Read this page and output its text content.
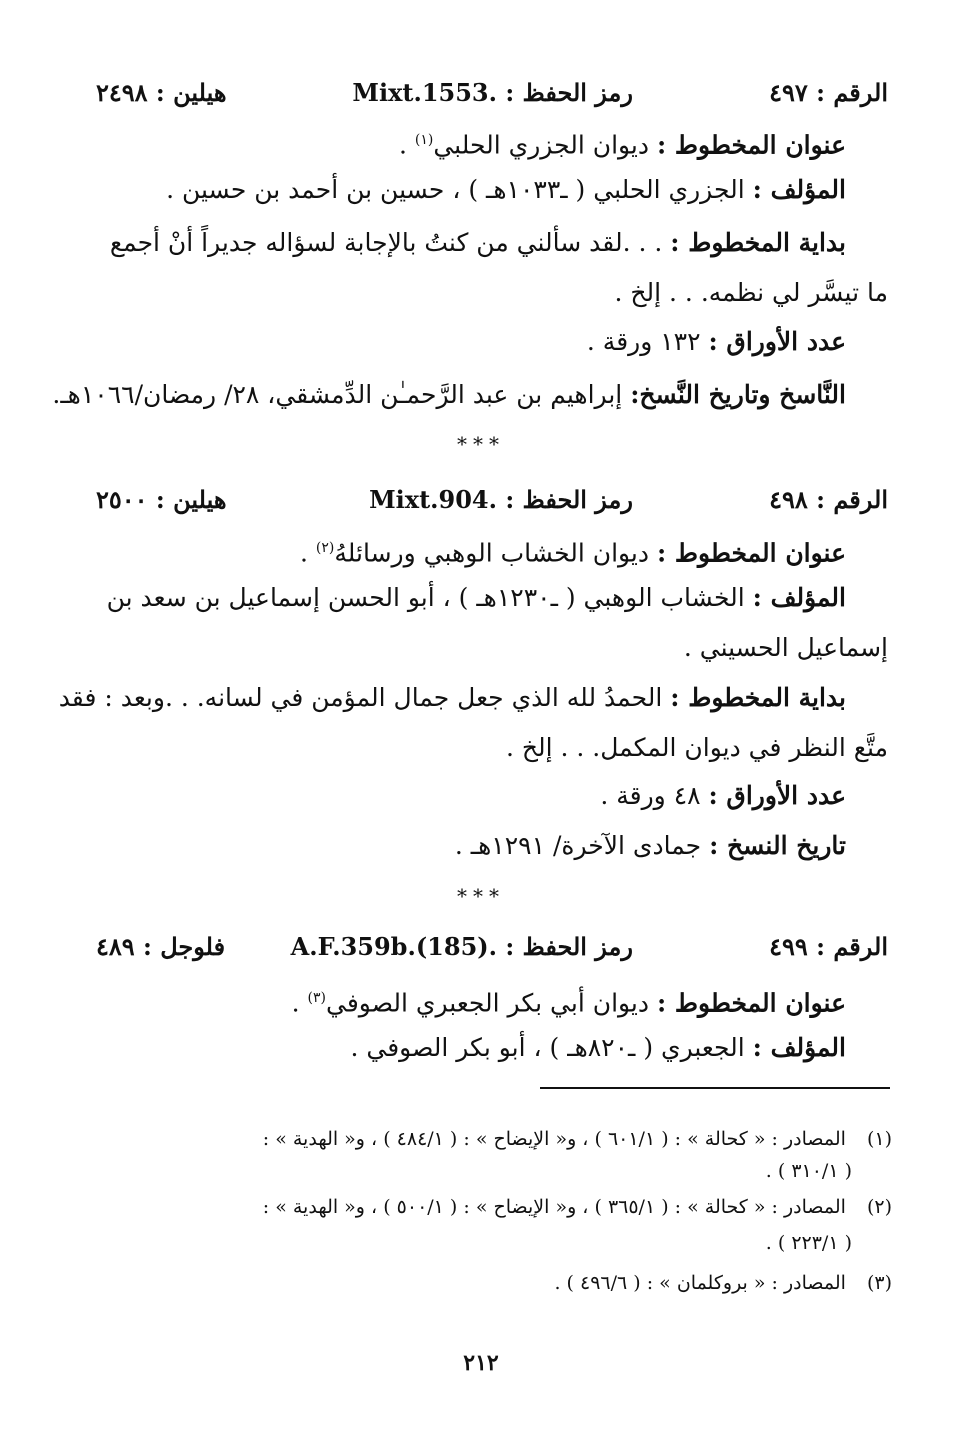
الرقم : ٤٩٧
رمز الحفظ : .Mixt.1553
هيلين : ٢٤٩٨
عنوان المخطوط : ديوان الجزري الحلبي$^{(١)}$ .
المؤلف : الجزري الحلبي ( ـ١٠٣٣هـ ) ، حسين بن أحمد بن حسين .
بداية المخطوط : . . .لقد سألني من كنتُ بالإجابة لسؤاله جديراً أنْ أجمع
ما تيسَّر لي نظمه. . . إلخ .
عدد الأوراق : ١٣٢ ورقة .
النَّاسخ وتاريخ النَّسخ: إبراهيم بن عبد الرَّحمـٰن الدِّمشقي، ٢٨/ رمضان/١٠٦٦هـ.
***
الرقم : ٤٩٨
رمز الحفظ : .Mixt.904
هيلين : ٢٥٠٠
عنوان المخطوط : ديوان الخشاب الوهبي ورسائلهُ$^{(٢)}$ .
المؤلف : الخشاب الوهبي ( ـ١٢٣٠هـ ) ، أبو الحسن إسماعيل بن سعد بن
إسماعيل الحسيني .
بداية المخطوط : الحمدُ لله الذي جعل جمال المؤمن في لسانه. . .وبعد : فقد
متَّع النظر في ديوان المكمل. . . إلخ .
عدد الأوراق : ٤٨ ورقة .
تاريخ النسخ : جمادى الآخرة/ ١٢٩١هـ .
***
الرقم : ٤٩٩
رمز الحفظ : .A.F.359b.(185)
فلوجل : ٤٨٩
عنوان المخطوط : ديوان أبي بكر الجعبري الصوفي$^{(٣)}$ .
المؤلف : الجعبري ( ـ٨٢٠هـ ) ، أبو بكر الصوفي .
(١) المصادر : « كحالة » : ( ٦٠١/١ ) ، و« الإيضاح » : ( ٤٨٤/١ ) ، و« الهدية » :
( ٣١٠/١ ) .
(٢) المصادر : « كحالة » : ( ٣٦٥/١ ) ، و« الإيضاح » : ( ٥٠٠/١ ) ، و« الهدية » :
( ٢٢٣/١ ) .
(٣) المصادر : « بروكلمان » : ( ٤٩٦/٦ ) .
٢١٢
